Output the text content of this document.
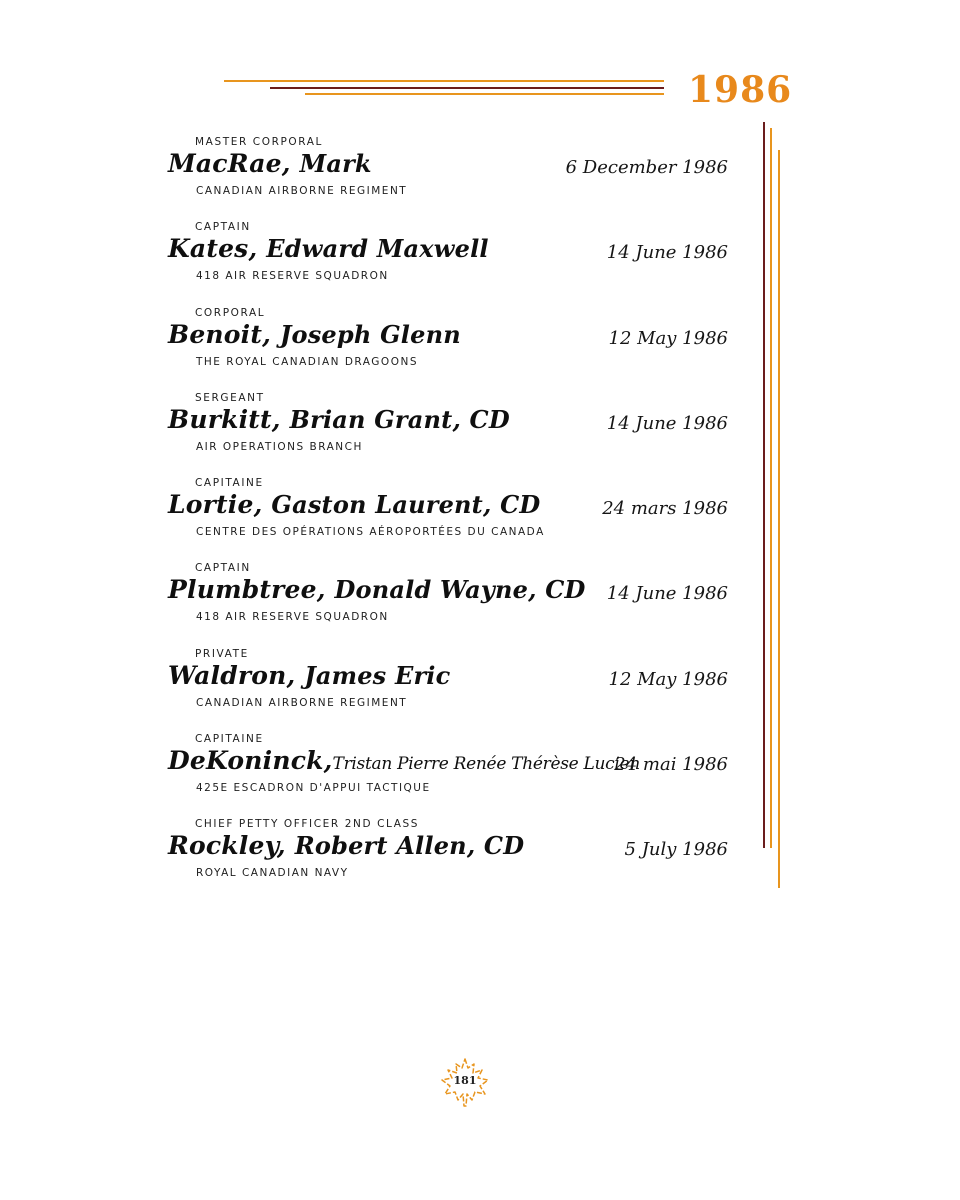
1986
MASTER CORPORAL
MacRae, Mark
CANADIAN AIRBORNE REGIMENT
6 December 1986
CAPTAIN
Kates, Edward Maxwell
418 AIR RESERVE SQUADRON
14 June 1986
CORPORAL
Benoit, Joseph Glenn
THE ROYAL CANADIAN DRAGOONS
12 May 1986
SERGEANT
Burkitt, Brian Grant, CD
AIR OPERATIONS BRANCH
14 June 1986
CAPITAINE
Lortie, Gaston Laurent, CD
CENTRE DES OPÉRATIONS AÉROPORTÉES DU CANADA
24 mars 1986
CAPTAIN
Plumbtree, Donald Wayne, CD
418 AIR RESERVE SQUADRON
14 June 1986
PRIVATE
Waldron, James Eric
CANADIAN AIRBORNE REGIMENT
12 May 1986
CAPITAINE
DeKoninck,Tristan Pierre Renée Thérèse Lucien
425E ESCADRON D'APPUI TACTIQUE
24 mai 1986
CHIEF PETTY OFFICER 2ND CLASS
Rockley, Robert Allen, CD
ROYAL CANADIAN NAVY
5 July 1986
181
